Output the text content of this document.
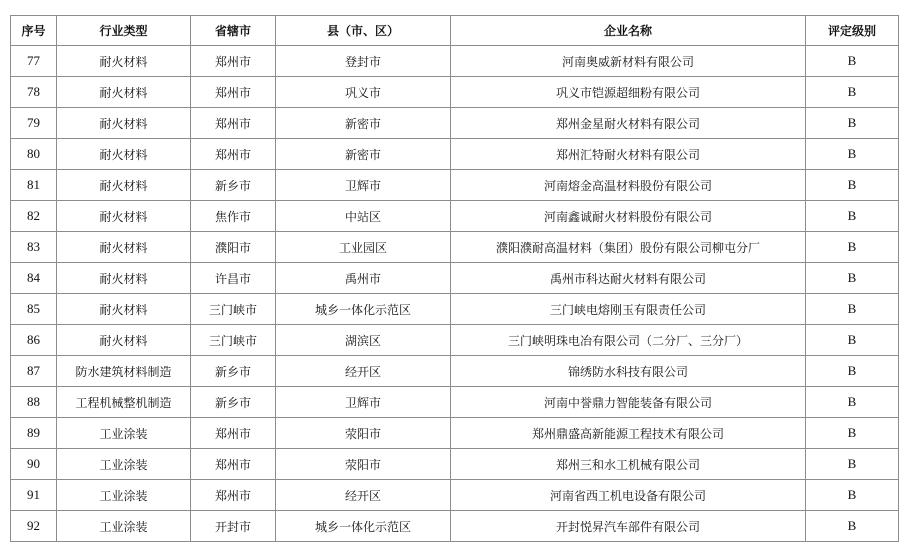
序号	行业类型	省辖市	县（市、区）	企业名称	评定级别
77	耐火材料	郑州市	登封市	河南奥威新材料有限公司	B
78	耐火材料	郑州市	巩义市	巩义市铠源超细粉有限公司	B
79	耐火材料	郑州市	新密市	郑州金星耐火材料有限公司	B
80	耐火材料	郑州市	新密市	郑州汇特耐火材料有限公司	B
81	耐火材料	新乡市	卫辉市	河南熔金高温材料股份有限公司	B
82	耐火材料	焦作市	中站区	河南鑫诚耐火材料股份有限公司	B
83	耐火材料	濮阳市	工业园区	濮阳濮耐高温材料（集团）股份有限公司柳屯分厂	B
84	耐火材料	许昌市	禹州市	禹州市科达耐火材料有限公司	B
85	耐火材料	三门峡市	城乡一体化示范区	三门峡电熔刚玉有限责任公司	B
86	耐火材料	三门峡市	湖滨区	三门峡明珠电冶有限公司（二分厂、三分厂）	B
87	防水建筑材料制造	新乡市	经开区	锦绣防水科技有限公司	B
88	工程机械整机制造	新乡市	卫辉市	河南中誉鼎力智能装备有限公司	B
89	工业涂装	郑州市	荥阳市	郑州鼎盛高新能源工程技术有限公司	B
90	工业涂装	郑州市	荥阳市	郑州三和水工机械有限公司	B
91	工业涂装	郑州市	经开区	河南省西工机电设备有限公司	B
92	工业涂装	开封市	城乡一体化示范区	开封悦昇汽车部件有限公司	B
